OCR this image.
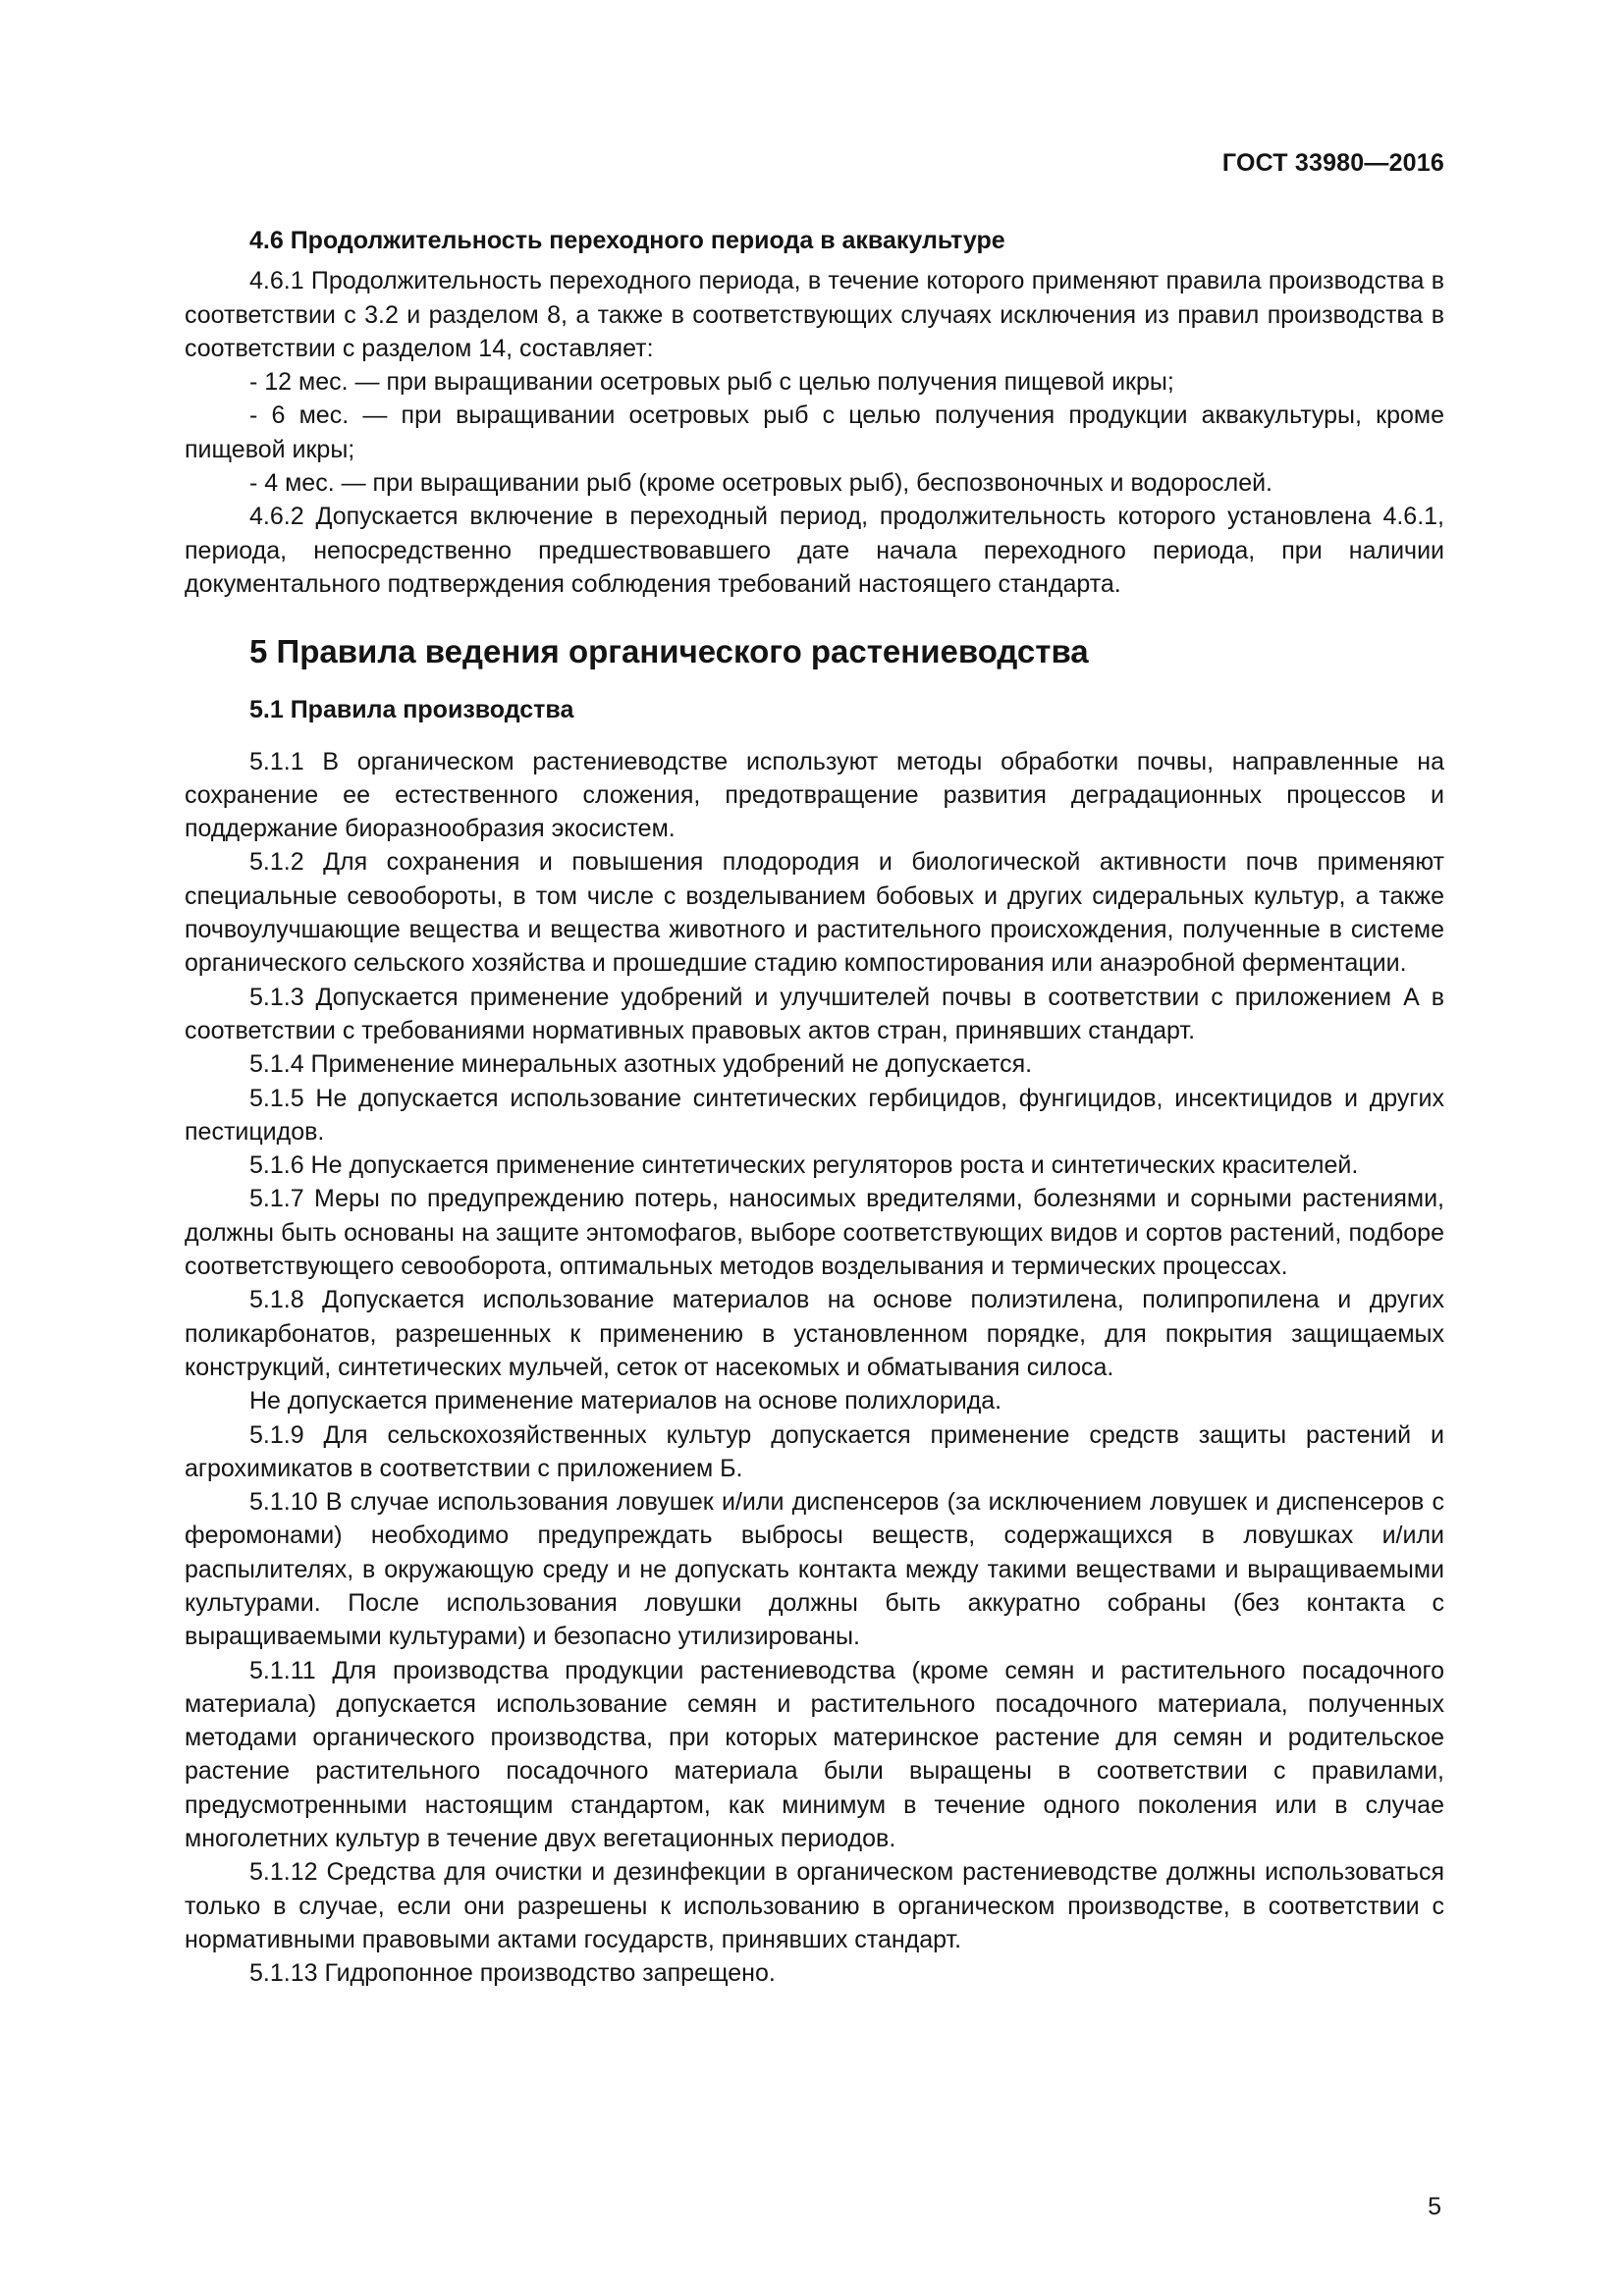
ГОСТ 33980—2016

4.6 Продолжительность переходного периода в аквакультуре

4.6.1 Продолжительность переходного периода, в течение которого применяют правила производства в соответствии с 3.2 и разделом 8, а также в соответствующих случаях исключения из правил производства в соответствии с разделом 14, составляет:

- 12 мес. — при выращивании осетровых рыб с целью получения пищевой икры;

- 6 мес. — при выращивании осетровых рыб с целью получения продукции аквакультуры, кроме пищевой икры;

- 4 мес. — при выращивании рыб (кроме осетровых рыб), беспозвоночных и водорослей.

4.6.2 Допускается включение в переходный период, продолжительность которого установлена 4.6.1, периода, непосредственно предшествовавшего дате начала переходного периода, при наличии документального подтверждения соблюдения требований настоящего стандарта.

5 Правила ведения органического растениеводства

5.1 Правила производства

5.1.1 В органическом растениеводстве используют методы обработки почвы, направленные на сохранение ее естественного сложения, предотвращение развития деградационных процессов и поддержание биоразнообразия экосистем.

5.1.2 Для сохранения и повышения плодородия и биологической активности почв применяют специальные севообороты, в том числе с возделыванием бобовых и других сидеральных культур, а также почвоулучшающие вещества и вещества животного и растительного происхождения, полученные в системе органического сельского хозяйства и прошедшие стадию компостирования или анаэробной ферментации.

5.1.3 Допускается применение удобрений и улучшителей почвы в соответствии с приложением А в соответствии с требованиями нормативных правовых актов стран, принявших стандарт.

5.1.4 Применение минеральных азотных удобрений не допускается.

5.1.5 Не допускается использование синтетических гербицидов, фунгицидов, инсектицидов и других пестицидов.

5.1.6 Не допускается применение синтетических регуляторов роста и синтетических красителей.

5.1.7 Меры по предупреждению потерь, наносимых вредителями, болезнями и сорными растениями, должны быть основаны на защите энтомофагов, выборе соответствующих видов и сортов растений, подборе соответствующего севооборота, оптимальных методов возделывания и термических процессах.

5.1.8 Допускается использование материалов на основе полиэтилена, полипропилена и других поликарбонатов, разрешенных к применению в установленном порядке, для покрытия защищаемых конструкций, синтетических мульчей, сеток от насекомых и обматывания силоса.

Не допускается применение материалов на основе полихлорида.

5.1.9 Для сельскохозяйственных культур допускается применение средств защиты растений и агрохимикатов в соответствии с приложением Б.

5.1.10 В случае использования ловушек и/или диспенсеров (за исключением ловушек и диспенсеров с феромонами) необходимо предупреждать выбросы веществ, содержащихся в ловушках и/или распылителях, в окружающую среду и не допускать контакта между такими веществами и выращиваемыми культурами. После использования ловушки должны быть аккуратно собраны (без контакта с выращиваемыми культурами) и безопасно утилизированы.

5.1.11 Для производства продукции растениеводства (кроме семян и растительного посадочного материала) допускается использование семян и растительного посадочного материала, полученных методами органического производства, при которых материнское растение для семян и родительское растение растительного посадочного материала были выращены в соответствии с правилами, предусмотренными настоящим стандартом, как минимум в течение одного поколения или в случае многолетних культур в течение двух вегетационных периодов.

5.1.12 Средства для очистки и дезинфекции в органическом растениеводстве должны использоваться только в случае, если они разрешены к использованию в органическом производстве, в соответствии с нормативными правовыми актами государств, принявших стандарт.

5.1.13 Гидропонное производство запрещено.

5
